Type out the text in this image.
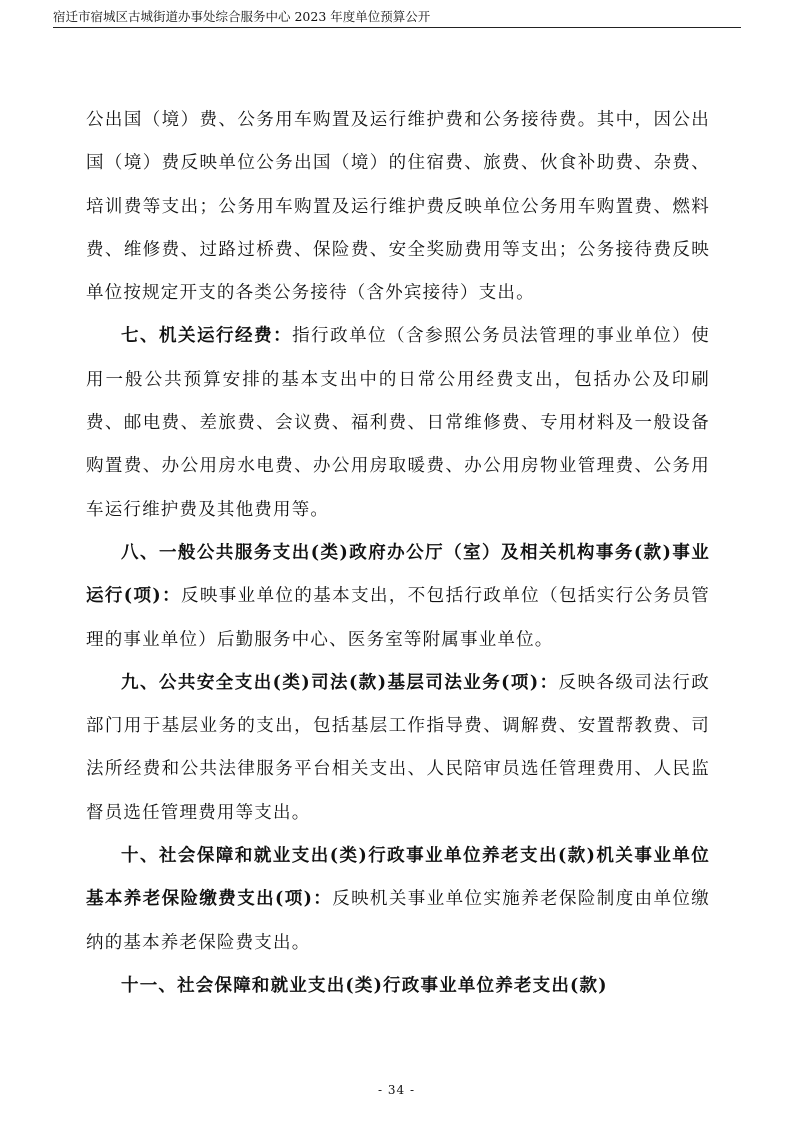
宿迁市宿城区古城街道办事处综合服务中心 2023 年度单位预算公开

公出国（境）费、公务用车购置及运行维护费和公务接待费。其中，因公出国（境）费反映单位公务出国（境）的住宿费、旅费、伙食补助费、杂费、培训费等支出；公务用车购置及运行维护费反映单位公务用车购置费、燃料费、维修费、过路过桥费、保险费、安全奖励费用等支出；公务接待费反映单位按规定开支的各类公务接待（含外宾接待）支出。

七、机关运行经费：指行政单位（含参照公务员法管理的事业单位）使用一般公共预算安排的基本支出中的日常公用经费支出，包括办公及印刷费、邮电费、差旅费、会议费、福利费、日常维修费、专用材料及一般设备购置费、办公用房水电费、办公用房取暖费、办公用房物业管理费、公务用车运行维护费及其他费用等。

八、一般公共服务支出(类)政府办公厅（室）及相关机构事务(款)事业运行(项)：反映事业单位的基本支出，不包括行政单位（包括实行公务员管理的事业单位）后勤服务中心、医务室等附属事业单位。

九、公共安全支出(类)司法(款)基层司法业务(项)：反映各级司法行政部门用于基层业务的支出，包括基层工作指导费、调解费、安置帮教费、司法所经费和公共法律服务平台相关支出、人民陪审员选任管理费用、人民监督员选任管理费用等支出。

十、社会保障和就业支出(类)行政事业单位养老支出(款)机关事业单位基本养老保险缴费支出(项)：反映机关事业单位实施养老保险制度由单位缴纳的基本养老保险费支出。

十一、社会保障和就业支出(类)行政事业单位养老支出(款)

- 34 -
